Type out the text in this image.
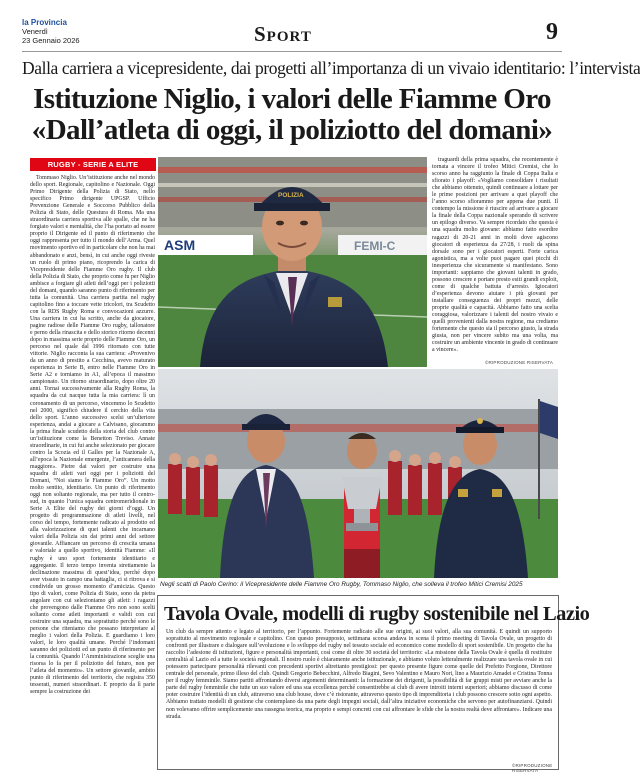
la Provincia
Venerdì
23 Gennaio 2026	Sport	9
Dalla carriera a vicepresidente, dai progetti all’importanza di un vivaio identitario: l’intervista
Istituzione Niglio, i valori delle Fiamme Oro
«Dall’atleta di oggi, il poliziotto del domani»
RUGBY - SERIE A ELITE

Tommaso Niglio. Un’istituzione anche nel mondo dello sport. Regionale, capitolino e Nazionale. Oggi Primo Dirigente della Polizia di Stato, nello specifico Primo dirigente UPGSP. Ufficio Prevenzione Generale e Soccorso Pubblico della Polizia di Stato, delle Questura di Roma. Ma una straordinaria carriera sportiva alle spalle, che ne ha forgiato valori e mentalità, che l’ha portato ad essere proprio il Dirigente ed il punto di riferimento che oggi rappresenta per tutto il mondo dell’Arma. Quel movimento sportivo ed in particolare che non ha mai abbandonato e anzi, bensì, in cui anche oggi riveste un ruolo di primo piano, ricoprendo la carica di Vicepresidente delle Fiamme Oro rugby. Il club della Polizia di Stato, che proprio come fu per Niglio ambisce a forgiare gli atleti dell’oggi per i poliziotti del domani, quando saranno punto di riferimento per tutta la comunità. Una carriera partita nel rugby capitolino fino a toccare vette tricolori, tra Scudetto con la RDS Rugby Roma e convocazioni azzurre. Una carriera in cui ha scritto, anche da giocatore, pagine radiose delle Fiamme Oro rugby, tallonatore e perno della rinascita e dello storico ritorno decenni dopo in massima serie proprio delle Fiamme Oro, un percorso nel quale dal 1996 ritornato con tutte vittorie. Niglio racconta la sua carriera: «Provenivo da un anno di prestito a Cecchina, avevo maturato esperienza in Serie B, entro nelle Fiamme Oro in Serie A2 e torniamo in A1, all’epoca il massimo campionato. Un ritorno straordinario, dopo oltre 20 anni. Tornai successivamente alla Rugby Roma, la squadra da cui nacque tutta la mia carriera: lì un coronamento di un percorso, vincemmo lo Scudetto nel 2000, significò chiudere il cerchio della vita dello sport. L’anno successivo scelsi un’ulteriore esperienza, andai a giocare a Calvisano, giocammo la prima finale scudetto della storia del club contro un’istituzione come la Benetton Treviso. Annate straordinarie, in cui fui anche selezionato per giocare contro la Scozia ed il Galles per la Nazionale A, all’epoca la Nazionale emergente, l’anticamera della maggiore». Pietre dai valori per costruire una squadra di atleti vari oggi per i poliziotti del Domani, “Noi siamo le Fiamme Oro”. Un motto molto sentito, identitario. Un punto di riferimento oggi non soltanto regionale, ma per tutto il centro-sud, in quanto l’unica squadra centromeridionale in Serie A Elite del rugby dei giorni d’oggi. Un progetto di programmazione di atleti livelli, nel corso del tempo, fortemente radicato al prodotto ed alla valorizzazione di quei talenti che incarnano valori della Polizia sin dai primi anni del settore giovanile. Affiancare un percorso di crescita umana e valoriale a quello sportivo, identità Fiamme: «Il rugby è uno sport fortemente identitario e aggregante. Il terzo tempo inventa strettamente la declinazione massima di quest’idea, perché dopo aver vissuto in campo una battaglia, ci si ritrova e si condivide un grosso momento d’amicizia. Questo tipo di valori, come Polizia di Stato, sono da pietra angolare con cui selezioniamo gli atleti: i ragazzi che provengono dalle Fiamme Oro non sono scelti soltanto come atleti importanti e validi con cui costruire una squadra, ma soprattutto perché sono le persone che riteniamo che possano interpretare al meglio i valori della Polizia. E guardiamo i loro valori, le loro qualità umane. Perché l’indomani saranno dei poliziotti ed un punto di riferimento per la comunità. Quando l’Amministrazione sceglie una risorsa lo fa per il poliziotto del futuro, non per l’atleta del momento». Un settore giovanile, ambito punto di riferimento del territorio, che registra 350 tesserati, numeri straordinari. E proprio da lì parte sempre la costruzione dei

traguardi della prima squadra, che recentemente è tornata a vincere il trofeo Mitici Cremisi, che lo scorso anno ha raggiunto la finale di Coppa Italia e sfiorato i playoff: «Vogliamo consolidare i risultati che abbiamo ottenuto, quindi continuare a lottare per le prime posizioni per arrivare a quei playoff che l’anno scorso sfiorammo per appena due punti. Il contempo la missione è riuscire ad arrivare a giocare la finale della Coppa nazionale sperando di scrivere un epilogo diverso. Va sempre ricordato che questa è una squadra molto giovane: abbiamo fatto esordire ragazzi di 20-21 anni in molti dove agiscono giocatori di esperienza da 27/28, i ruoli da spina dorsale sono per i giocatori esperti. Forte carica agonistica, ma a volte puoi pagare quei picchi di inesperienza che sicuramente si manifestano. Sono importanti: sappiamo che giovani talenti in grado, possono crescere e portare presto esiti grandi exploit, come di qualche battuta d’arresto. Igiocatori d’esperienza devono aiutare i più giovani per installare conseguenza dei propri mezzi, delle proprie qualità e capacità. Abbiamo fatto una scelta coraggiosa, valorizzare i talenti del nostro vivaio e quelli provenienti dalla nostra regione, ma crediamo fortemente che questo sia il percorso giusto, la strada giusta, non per vincere subito ma una volta, ma costruire un ambiente vincente in grado di continuare a vincere».

©RIPRODUZIONE RISERVATA
ASM	FEMI-C
POLIZIA
Negli scatti di Paolo Cerino: il Vicepresidente delle Fiamme Oro Rugby, Tommaso Niglio, che solleva il trofeo Mitici Cremisi 2025
Tavola Ovale, modelli di rugby sostenibile nel Lazio
Un club da sempre attento e legato al territorio, per l’appunto. Fortemente radicato alle sue origini, ai suoi valori, alla sua comunità. E quindi un supporto soprattutto al movimento regionale e capitolino. Con questo presupposto, settimana scorsa andava in scena il primo meeting di Tavola Ovale, un progetto di confronti per illustrare e dialogare sull’evoluzione e lo sviluppo del rugby nel tessuto sociale ed economico come modello di sport sostenibile. Un progetto che ha raccolto l’adesione di istituzioni, figure e personalità importanti, così come di oltre 30 società del territorio: «La missione della Tavola Ovale è quella di restituire centralità al Lazio ed a tutte le società regionali. Il nostro ruolo è chiaramente anche istituzionale, e abbiamo voluto letteralmente realizzare una tavola ovale in cui potessero partecipare personalità rilevanti con precedenti sportivi altrettanto prestigiosi: per questo presente figure come quelle del Prefetto Forgione, Direttore centrale del personale, primo illeso del club. Quindi Gregorio Bebecchini, Alfredo Biagini, Sevo Valentino e Mauro Nori, lino a Maurizio Amadei e Cristina Tonna per il rugby femminile. Siamo partiti affrontando diversi argomenti determinanti: la formazione dei dirigenti, la possibilità di far gruppi misti per avviare anche la parte del rugby femminile che tutte un suo valore ed una sua eccellenza perché consentirebbe ai club di avere introiti interni superiori; abbiamo discusso di come poter costruire l’identità di un club, attraverso una club house, dove c’è ristorante, attraverso questo tipo di imprenditoria i club possono crescere sotto ogni aspetto. Abbiamo trattato modelli di gestione che contemplano da una parte degli impegni sociali, dall’altra iniziative economiche che servono per autofinanziarsi. Quindi non volevamo offrire semplicemente una rassegna teorica, ma proprio e sempi concreti con cui affrontare le sfide che la nostra realtà deve affrontare». Indicare una strada.
©RIPRODUZIONE RISERVATA
